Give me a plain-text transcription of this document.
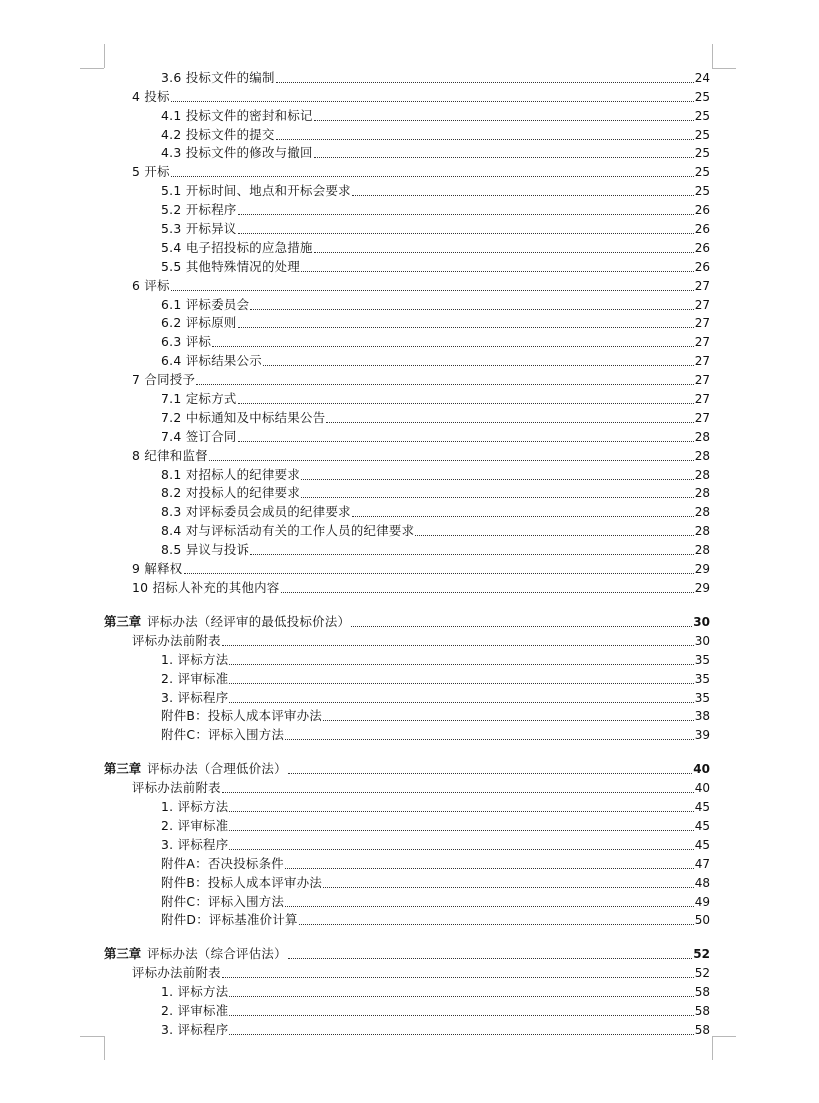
3.6 投标文件的编制	24
4 投标	25
4.1 投标文件的密封和标记	25
4.2 投标文件的提交	25
4.3 投标文件的修改与撤回	25
5 开标	25
5.1 开标时间、地点和开标会要求	25
5.2 开标程序	26
5.3 开标异议	26
5.4 电子招投标的应急措施	26
5.5 其他特殊情况的处理	26
6 评标	27
6.1 评标委员会	27
6.2 评标原则	27
6.3 评标	27
6.4 评标结果公示	27
7 合同授予	27
7.1 定标方式	27
7.2 中标通知及中标结果公告	27
7.4 签订合同	28
8 纪律和监督	28
8.1 对招标人的纪律要求	28
8.2 对投标人的纪律要求	28
8.3 对评标委员会成员的纪律要求	28
8.4 对与评标活动有关的工作人员的纪律要求	28
8.5 异议与投诉	28
9 解释权	29
10 招标人补充的其他内容	29
第三章 评标办法（经评审的最低投标价法）	30
评标办法前附表	30
1. 评标方法	35
2. 评审标准	35
3. 评标程序	35
附件B：投标人成本评审办法	38
附件C：评标入围方法	39
第三章 评标办法（合理低价法）	40
评标办法前附表	40
1. 评标方法	45
2. 评审标准	45
3. 评标程序	45
附件A：否决投标条件	47
附件B：投标人成本评审办法	48
附件C：评标入围方法	49
附件D：评标基准价计算	50
第三章 评标办法（综合评估法）	52
评标办法前附表	52
1. 评标方法	58
2. 评审标准	58
3. 评标程序	58
